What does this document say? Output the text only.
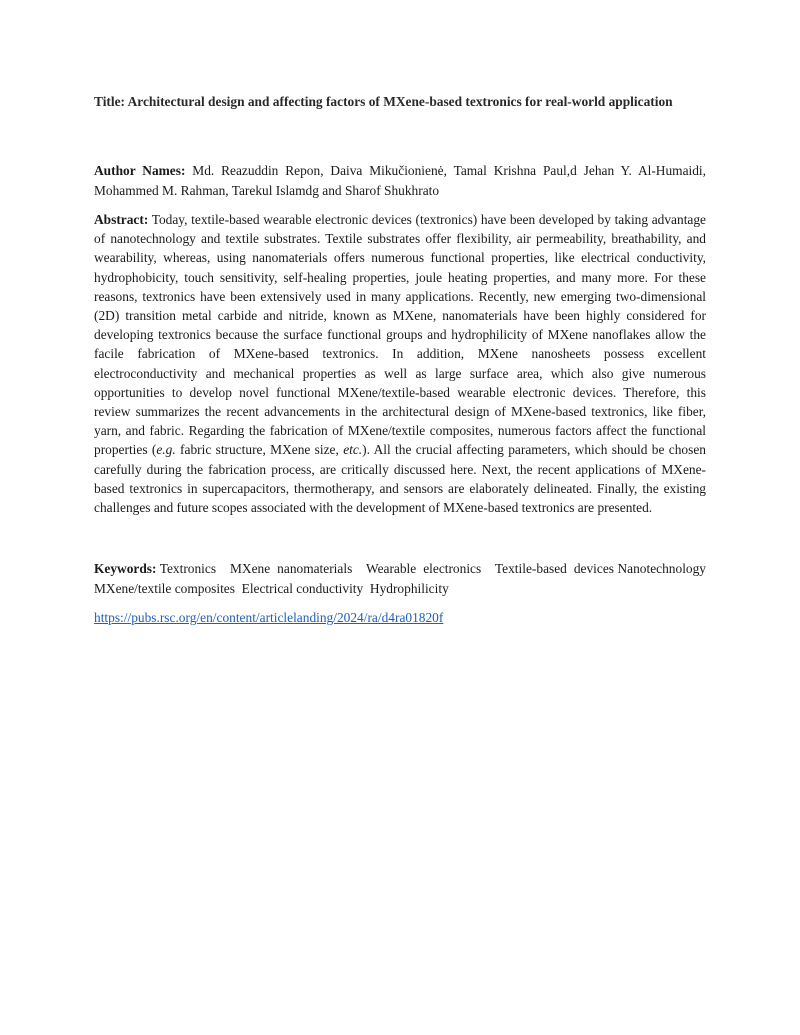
Title: Architectural design and affecting factors of MXene-based textronics for real-world application
Author Names: Md. Reazuddin Repon, Daiva Mikučionienė, Tamal Krishna Paul,d Jehan Y. Al-Humaidi, Mohammed M. Rahman, Tarekul Islamdg and Sharof Shukhrato
Abstract: Today, textile-based wearable electronic devices (textronics) have been developed by taking advantage of nanotechnology and textile substrates. Textile substrates offer flexibility, air permeability, breathability, and wearability, whereas, using nanomaterials offers numerous functional properties, like electrical conductivity, hydrophobicity, touch sensitivity, self-healing properties, joule heating properties, and many more. For these reasons, textronics have been extensively used in many applications. Recently, new emerging two-dimensional (2D) transition metal carbide and nitride, known as MXene, nanomaterials have been highly considered for developing textronics because the surface functional groups and hydrophilicity of MXene nanoflakes allow the facile fabrication of MXene-based textronics. In addition, MXene nanosheets possess excellent electroconductivity and mechanical properties as well as large surface area, which also give numerous opportunities to develop novel functional MXene/textile-based wearable electronic devices. Therefore, this review summarizes the recent advancements in the architectural design of MXene-based textronics, like fiber, yarn, and fabric. Regarding the fabrication of MXene/textile composites, numerous factors affect the functional properties (e.g. fabric structure, MXene size, etc.). All the crucial affecting parameters, which should be chosen carefully during the fabrication process, are critically discussed here. Next, the recent applications of MXene-based textronics in supercapacitors, thermotherapy, and sensors are elaborately delineated. Finally, the existing challenges and future scopes associated with the development of MXene-based textronics are presented.
Keywords: Textronics    MXene  nanomaterials    Wearable  electronics    Textile-based  devices Nanotechnology  MXene/textile composites  Electrical conductivity  Hydrophilicity
https://pubs.rsc.org/en/content/articlelanding/2024/ra/d4ra01820f
